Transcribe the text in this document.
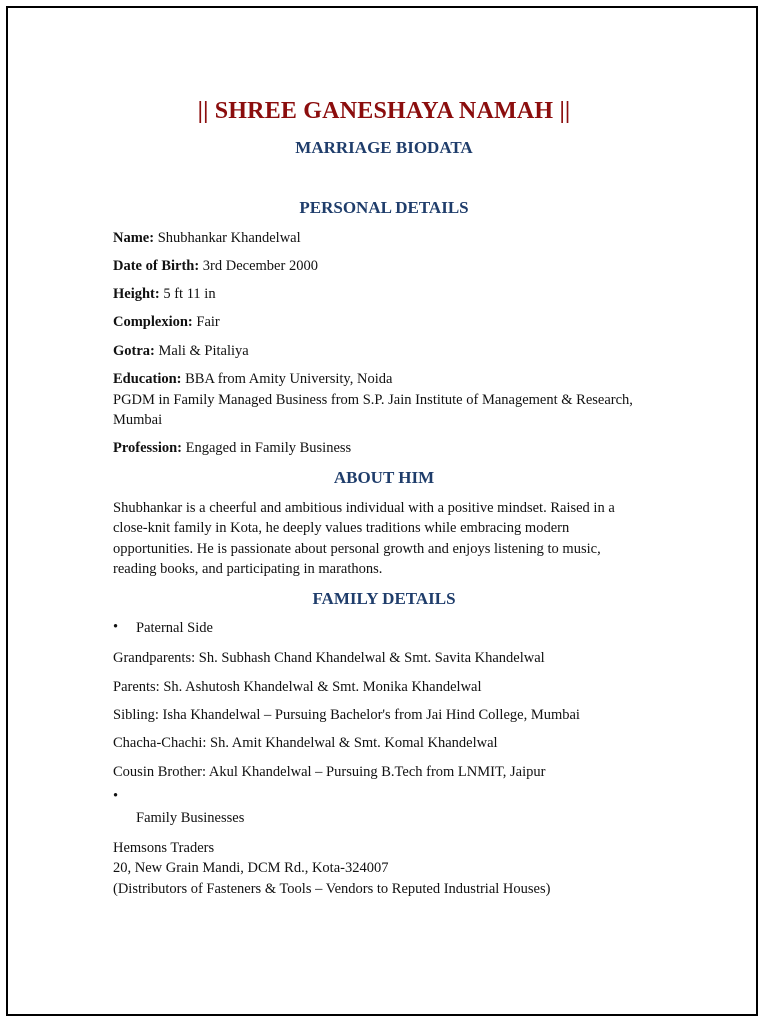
|| SHREE GANESHAYA NAMAH ||
MARRIAGE BIODATA
PERSONAL DETAILS
Name: Shubhankar Khandelwal
Date of Birth: 3rd December 2000
Height: 5 ft 11 in
Complexion: Fair
Gotra: Mali & Pitaliya
Education: BBA from Amity University, Noida
PGDM in Family Managed Business from S.P. Jain Institute of Management & Research,
Mumbai
Profession: Engaged in Family Business
ABOUT HIM
Shubhankar is a cheerful and ambitious individual with a positive mindset. Raised in a
close-knit family in Kota, he deeply values traditions while embracing modern
opportunities. He is passionate about personal growth and enjoys listening to music,
reading books, and participating in marathons.
FAMILY DETAILS
• Paternal Side
Grandparents: Sh. Subhash Chand Khandelwal & Smt. Savita Khandelwal
Parents: Sh. Ashutosh Khandelwal & Smt. Monika Khandelwal
Sibling: Isha Khandelwal – Pursuing Bachelor's from Jai Hind College, Mumbai
Chacha-Chachi: Sh. Amit Khandelwal & Smt. Komal Khandelwal
Cousin Brother: Akul Khandelwal – Pursuing B.Tech from LNMIT, Jaipur
•
Family Businesses
Hemsons Traders
20, New Grain Mandi, DCM Rd., Kota-324007
(Distributors of Fasteners & Tools – Vendors to Reputed Industrial Houses)
